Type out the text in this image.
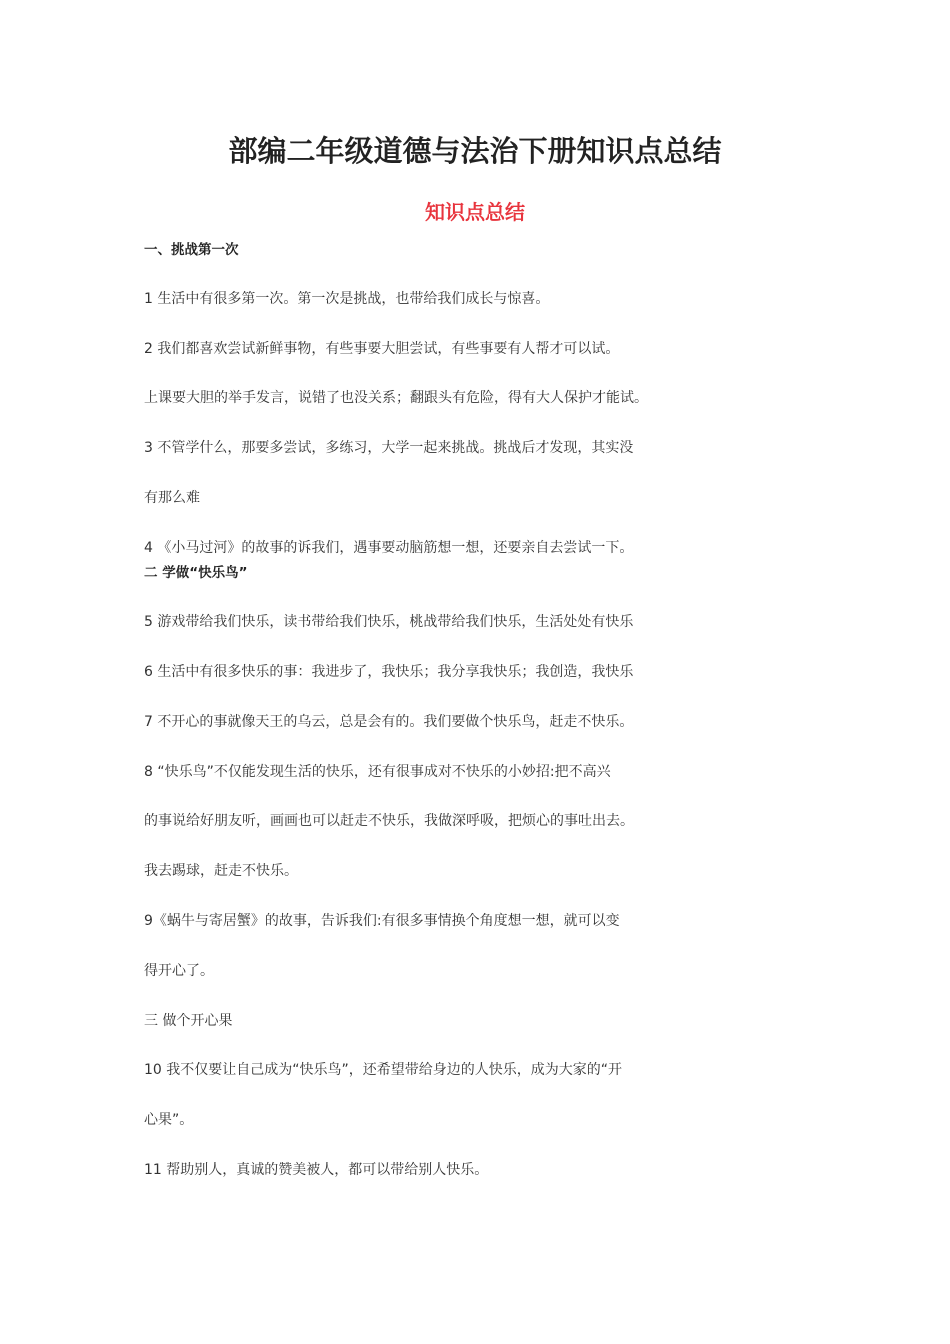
部编二年级道德与法治下册知识点总结
知识点总结
一、挑战第一次
1 生活中有很多第一次。第一次是挑战，也带给我们成长与惊喜。
2 我们都喜欢尝试新鲜事物，有些事要大胆尝试，有些事要有人帮才可以试。
上课要大胆的举手发言，说错了也没关系；翻跟头有危险，得有大人保护才能试。
3 不管学什么，那要多尝试，多练习，大学一起来挑战。挑战后才发现，其实没
有那么难
4 《小马过河》的故事的诉我们，遇事要动脑筋想一想，还要亲自去尝试一下。
二 学做“快乐鸟”
5 游戏带给我们快乐，读书带给我们快乐，桃战带给我们快乐，生活处处有快乐
6 生活中有很多快乐的事：我进步了，我快乐；我分享我快乐；我创造，我快乐
7 不开心的事就像天王的乌云，总是会有的。我们要做个快乐鸟，赶走不快乐。
8 “快乐鸟”不仅能发现生活的快乐，还有很事成对不快乐的小妙招:把不高兴
的事说给好朋友听，画画也可以赶走不快乐，我做深呼吸，把烦心的事吐出去。
我去踢球，赶走不快乐。
9《蜗牛与寄居蟹》的故事，告诉我们:有很多事情换个角度想一想，就可以变
得开心了。
三 做个开心果
10 我不仅要让自己成为“快乐鸟”，还希望带给身边的人快乐，成为大家的“开
心果”。
11 帮助别人，真诚的赞美被人，都可以带给别人快乐。
